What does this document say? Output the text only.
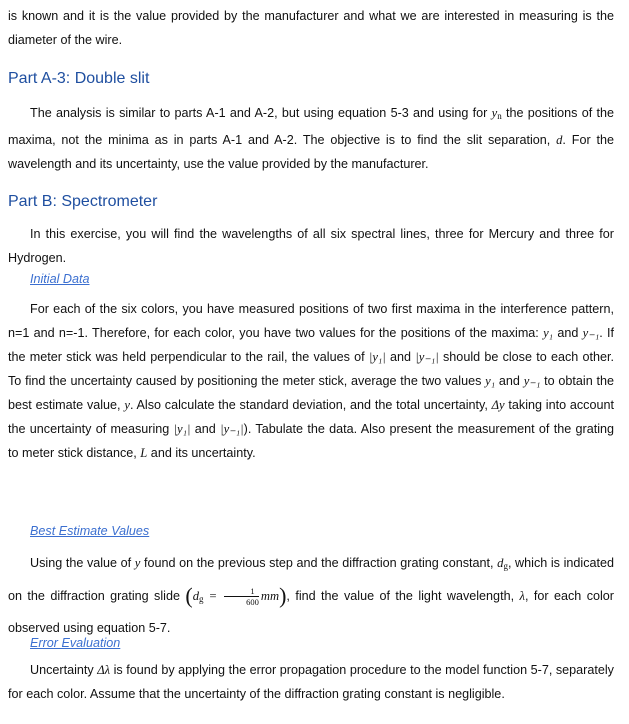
is known and it is the value provided by the manufacturer and what we are interested in measuring is the diameter of the wire.

Part A-3: Double slit

The analysis is similar to parts A-1 and A-2, but using equation 5-3 and using for $y_n$ the positions of the maxima, not the minima as in parts A-1 and A-2. The objective is to find the slit separation, d. For the wavelength and its uncertainty, use the value provided by the manufacturer.

Part B: Spectrometer

In this exercise, you will find the wavelengths of all six spectral lines, three for Mercury and three for Hydrogen.

Initial Data

For each of the six colors, you have measured positions of two first maxima in the interference pattern, n=1 and n=-1. Therefore, for each color, you have two values for the positions of the maxima: y₁ and y₋₁. If the meter stick was held perpendicular to the rail, the values of |y₁| and |y₋₁| should be close to each other. To find the uncertainty caused by positioning the meter stick, average the two values y₁ and y₋₁ to obtain the best estimate value, y. Also calculate the standard deviation, and the total uncertainty, Δy taking into account the uncertainty of measuring |y₁| and |y₋₁|). Tabulate the data. Also present the measurement of the grating to meter stick distance, L and its uncertainty.

Best Estimate Values

Using the value of y found on the previous step and the diffraction grating constant, $d_g$, which is indicated on the diffraction grating slide $(d_g = \frac{1}{600} mm)$, find the value of the light wavelength, λ, for each color observed using equation 5-7.

Error Evaluation

Uncertainty Δλ is found by applying the error propagation procedure to the model function 5-7, separately for each color. Assume that the uncertainty of the diffraction grating constant is negligible.
